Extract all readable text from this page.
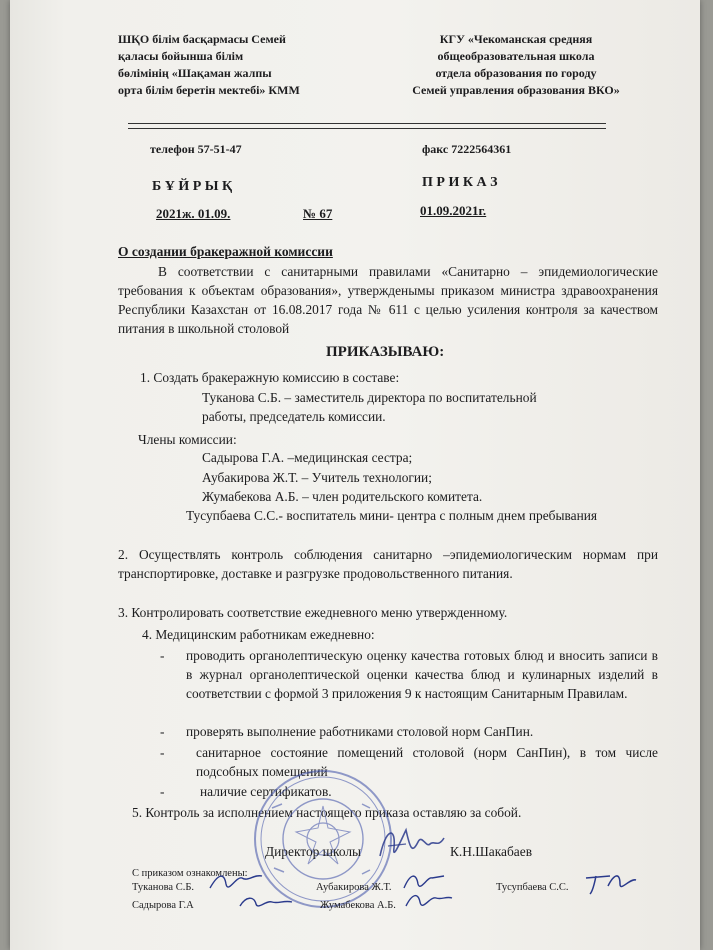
ШҚО білім басқармасы Семей
қаласы бойынша білім
бөлімінің «Шақаман жалпы
орта білім беретін мектебі» КММ
КГУ «Чекоманская средняя
общеобразовательная школа
отдела образования по городу
Семей управления образования ВКО»
телефон 57-51-47	факс 7222564361
Б Ұ Й Р Ы Қ	П Р И К А З
2021ж. 01.09.	№ 67	01.09.2021г.
О создании бракеражной комиссии
В соответствии с санитарными правилами «Санитарно – эпидемиологические требования к объектам образования», утвержденымы приказом министра здравоохранения Республики Казахстан от 16.08.2017 года № 611 с целью усиления контроля за качеством питания в школьной столовой
ПРИКАЗЫВАЮ:
1. Создать бракеражную комиссию в составе:
Туканова С.Б. – заместитель директора по воспитательной
работы, председатель комиссии.
Члены комиссии:
Садырова Г.А. –медицинская сестра;
Аубакирова Ж.Т. – Учитель технологии;
Жумабекова А.Б. – член родительского комитета.
Тусупбаева С.С.- воспитатель мини- центра с полным днем пребывания
2. Осуществлять контроль соблюдения санитарно –эпидемиологическим нормам при транспортировке, доставке и разгрузке продовольственного питания.
3. Контролировать соответствие ежедневного меню утвержденному.
4. Медицинским работникам ежедневно:
- проводить органолептическую оценку качества готовых блюд и вносить записи в в журнал органолептической оценки качества блюд и кулинарных изделий в соответствии с формой 3 приложения 9 к настоящим Санитарным Правилам.
- проверять выполнение работниками столовой норм СанПин.
- санитарное состояние помещений столовой (норм СанПин), в том числе подсобных помещений
-	наличие сертификатов.
5. Контроль за исполнением настоящего приказа оставляю за собой.
Директор школы	К.Н.Шакабаев
С приказом ознакомлены:
Туканова С.Б.	Аубакирова Ж.Т.	Тусупбаева С.С.
Садырова Г.А	Жумабекова А.Б.
